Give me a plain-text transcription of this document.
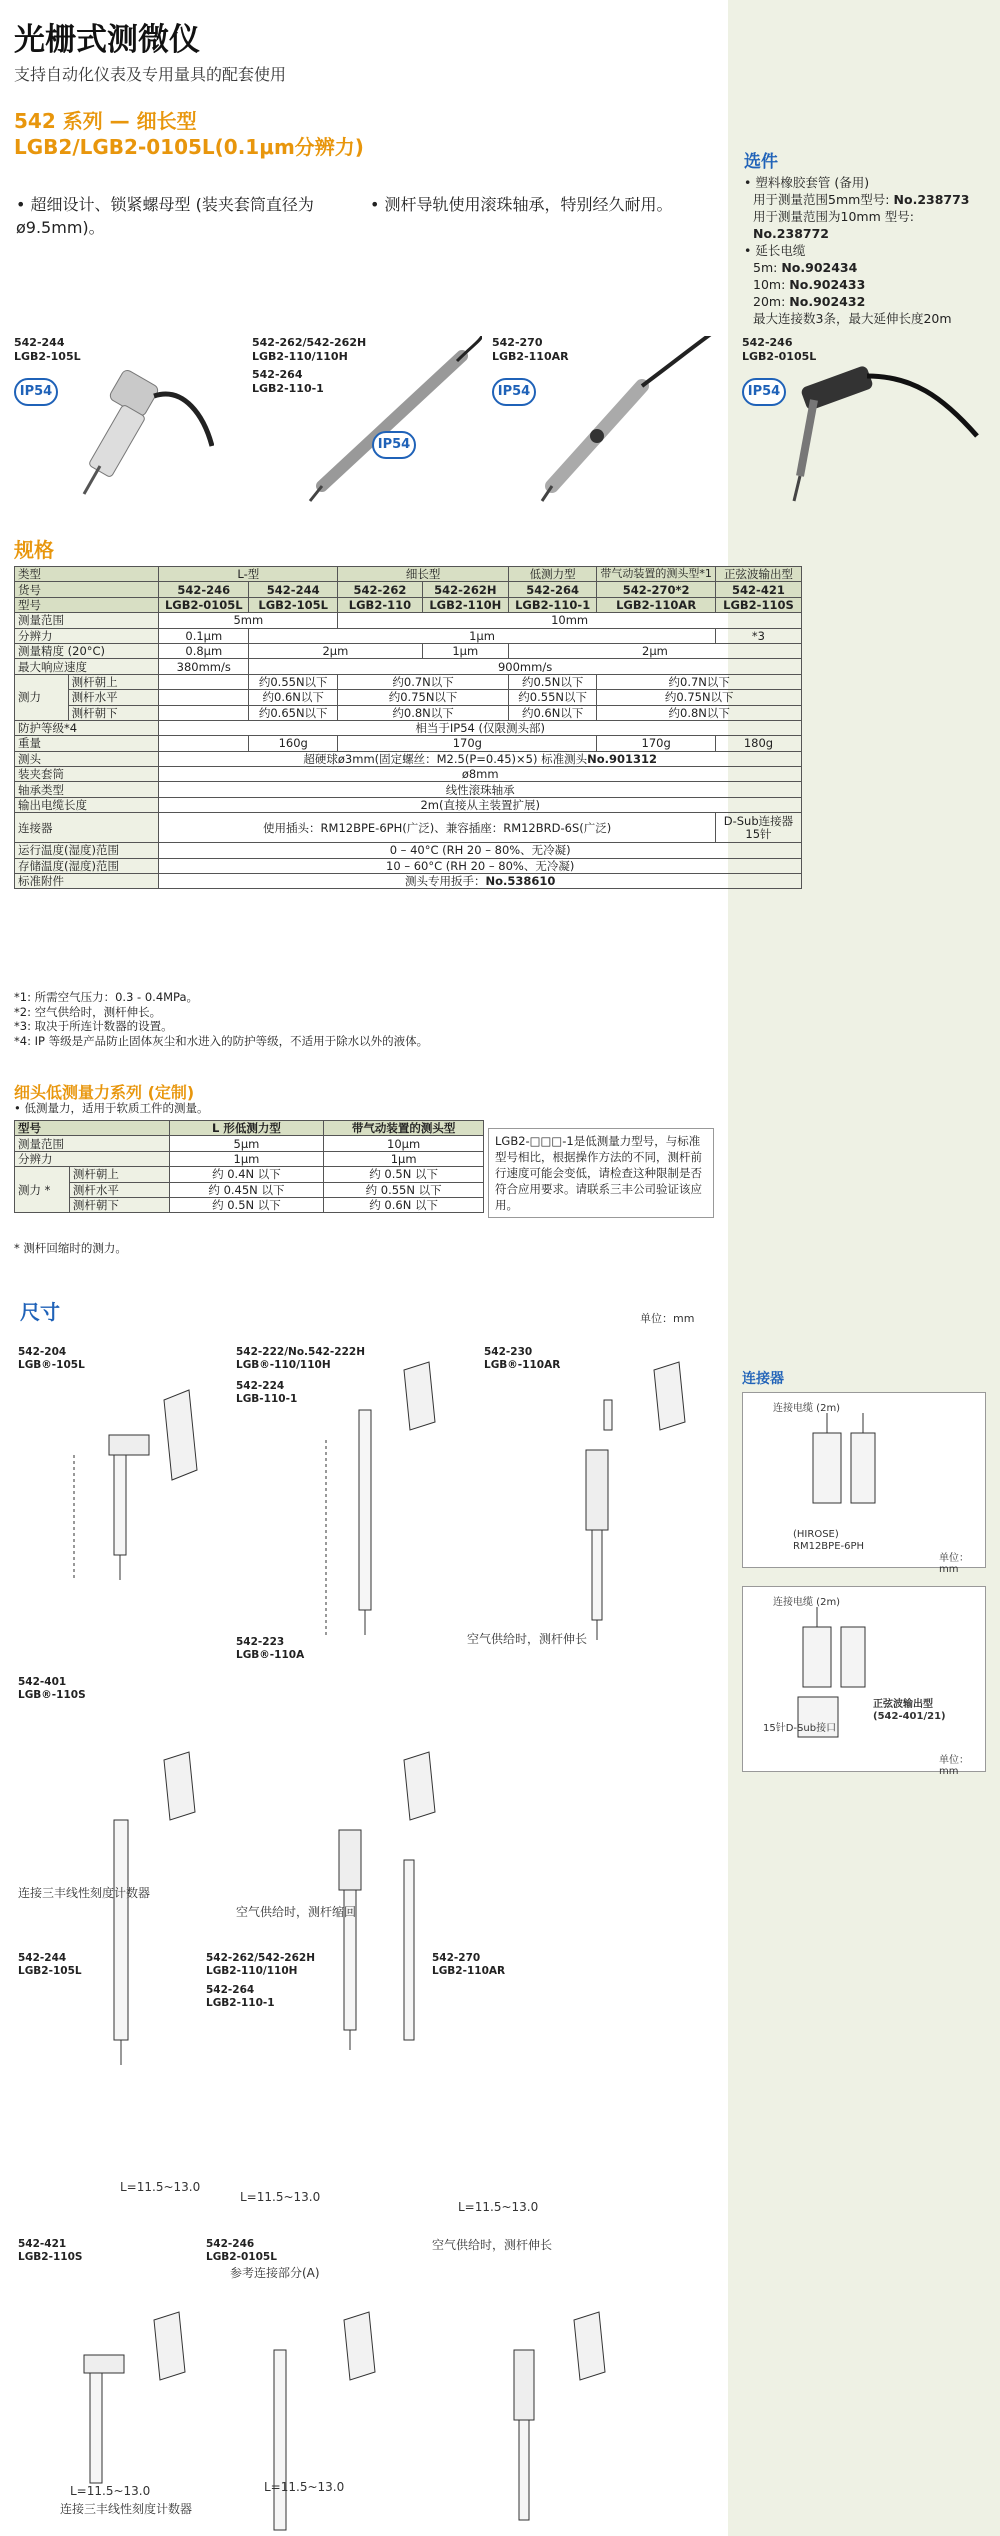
光栅式测微仪
支持自动化仪表及专用量具的配套使用
542 系列 — 细长型
LGB2/LGB2-0105L(0.1μm分辨力)
• 超细设计、锁紧螺母型 (装夹套筒直径为ø9.5mm)。
• 测杆导轨使用滚珠轴承，特别经久耐用。
选件
• 塑料橡胶套管 (备用)
用于测量范围5mm型号: No.238773
用于测量范围为10mm 型号: No.238772
• 延长电缆
5m: No.902434
10m: No.902433
20m: No.902432
最大连接数3条，最大延伸长度20m
542-244
LGB2-105L
IP54
542-262/542-262H
LGB2-110/110H
542-264
LGB2-110-1
IP54
542-270
LGB2-110AR
IP54
542-246
LGB2-0105L
IP54
规格
类型		L-型		细长型		低测力型	带气动装置的测头型*1	正弦波输出型
货号		542-246	542-244	542-262	542-262H	542-264	542-270*2	542-421
型号		LGB2-0105L	LGB2-105L	LGB2-110	LGB2-110H	LGB2-110-1	LGB2-110AR	LGB2-110S
测量范围		5mm		10mm				
分辨力		0.1μm	1μm					*3
测量精度 (20°C)		0.8μm	2μm		1μm	2μm		
最大响应速度		380mm/s	900mm/s					
测力	测杆朝上		约0.55N以下	约0.7N以下		约0.5N以下	约0.7N以下	
	测杆水平		约0.6N以下	约0.75N以下		约0.55N以下	约0.75N以下	
	测杆朝下		约0.65N以下	约0.8N以下		约0.6N以下	约0.8N以下	
防护等级*4		相当于IP54 (仅限测头部)						
重量			160g	170g			170g	180g
测头		超硬球ø3mm(固定螺丝：M2.5(P=0.45)×5) 标准测头No.901312						
装夹套筒		ø8mm						
轴承类型		线性滚珠轴承						
输出电缆长度		2m(直接从主装置扩展)						
连接器		使用插头：RM12BPE-6PH(广泛)、兼容插座：RM12BRD-6S(广泛)						D-Sub连接器 15针
运行温度(湿度)范围		0 – 40°C (RH 20 – 80%、无冷凝)						
存储温度(湿度)范围		10 – 60°C (RH 20 – 80%、无冷凝)						
标准附件		测头专用扳手：No.538610						
*1: 所需空气压力：0.3 - 0.4MPa。
*2: 空气供给时，测杆伸长。
*3: 取决于所连计数器的设置。
*4: IP 等级是产品防止固体灰尘和水进入的防护等级，不适用于除水以外的液体。
细头低测量力系列 (定制)
• 低测量力，适用于软质工件的测量。
型号		L 形低测力型	带气动装置的测头型
测量范围		5μm	10μm
分辨力		1μm	1μm
测力 *	测杆朝上	约 0.4N 以下	约 0.5N 以下
	测杆水平	约 0.45N 以下	约 0.55N 以下
	测杆朝下	约 0.5N 以下	约 0.6N 以下
* 测杆回缩时的测力。
LGB2-□□□-1是低测量力型号，与标准型号相比，根据操作方法的不同，测杆前行速度可能会变低，请检查这种限制是否符合应用要求。请联系三丰公司验证该应用。
尺寸	单位：mm
542-204
LGB®-105L
542-222/No.542-222H
LGB®-110/110H
542-224
LGB-110-1
542-230
LGB®-110AR
空气供给时，测杆伸长
542-401
LGB®-110S
连接三丰线性刻度计数器
542-223
LGB®-110A
空气供给时，测杆缩回
542-244
LGB2-105L
L=11.5~13.0
542-262/542-262H
LGB2-110/110H
542-264
LGB2-110-1
L=11.5~13.0
542-270
LGB2-110AR
L=11.5~13.0
空气供给时，测杆伸长
542-421
LGB2-110S
L=11.5~13.0
连接三丰线性刻度计数器
542-246
LGB2-0105L
参考连接部分(A)
L=11.5~13.0
连接器
连接电缆 (2m)
(HIROSE)
RM12BPE-6PH
单位：mm
连接电缆 (2m)
正弦波输出型
(542-401/21)
15针D-Sub接口
单位：mm
